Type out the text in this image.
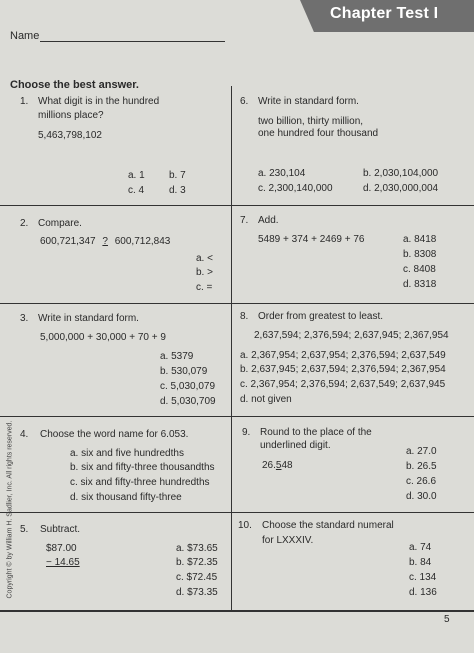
Chapter Test I
Name
Choose the best answer.
Copyright © by William H. Sadlier, Inc. All rights reserved.
1. What digit is in the hundred
millions place?
5,463,798,102
a. 1 b. 7
c. 4 d. 3
2. Compare.
600,721,347 ? 600,712,843
a. <
b. >
c. =
3. Write in standard form.
5,000,000 + 30,000 + 70 + 9
a. 5379
b. 530,079
c. 5,030,079
d. 5,030,709
4. Choose the word name for 6.053.
a. six and five hundredths
b. six and fifty-three thousandths
c. six and fifty-three hundredths
d. six thousand fifty-three
5. Subtract.
$87.00
− 14.65
a. $73.65
b. $72.35
c. $72.45
d. $73.35
6. Write in standard form.
two billion, thirty million,
one hundred four thousand
a. 230,104	b. 2,030,104,000
c. 2,300,140,000	d. 2,030,000,004
7. Add.
5489 + 374 + 2469 + 76	a. 8418
b. 8308
c. 8408
d. 8318
8. Order from greatest to least.
2,637,594; 2,376,594; 2,637,945; 2,367,954
a. 2,367,954; 2,637,954; 2,376,594; 2,637,549
b. 2,637,945; 2,637,594; 2,376,594; 2,367,954
c. 2,367,954; 2,376,594; 2,637,549; 2,637,945
d. not given
9. Round to the place of the
underlined digit.
26.548
a. 27.0
b. 26.5
c. 26.6
d. 30.0
10. Choose the standard numeral
for LXXXIV.
a. 74
b. 84
c. 134
d. 136
5
